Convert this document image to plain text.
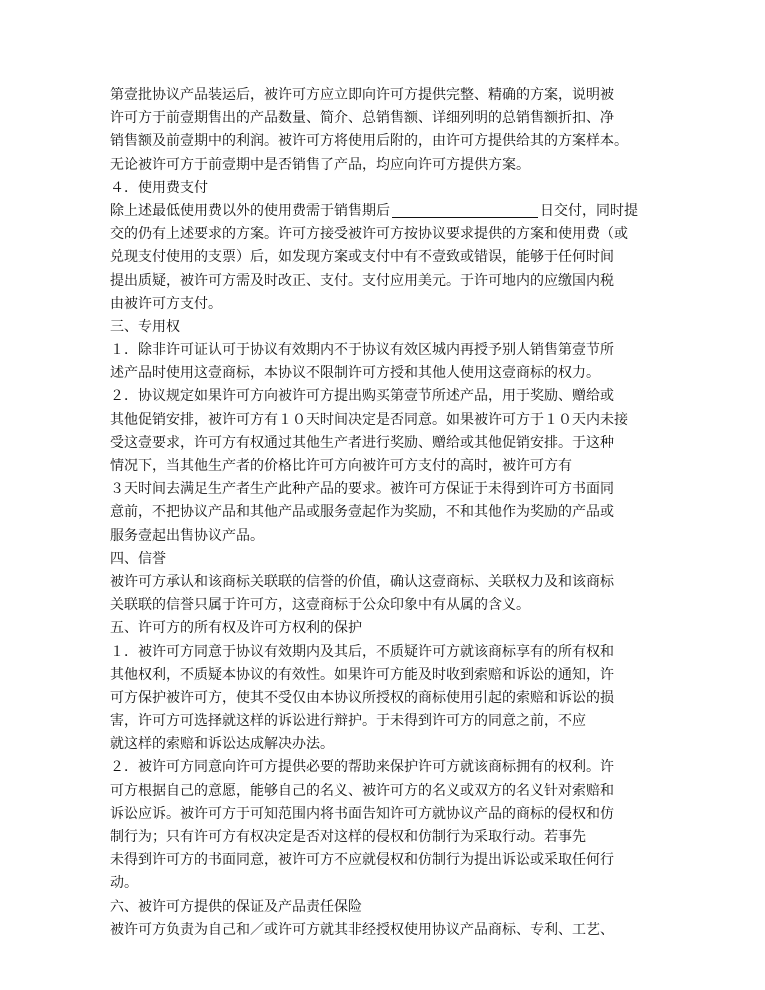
第壹批协议产品装运后，被许可方应立即向许可方提供完整、精确的方案，说明被
许可方于前壹期售出的产品数量、简介、总销售额、详细列明的总销售额折扣、净
销售额及前壹期中的利润。被许可方将使用后附的，由许可方提供给其的方案样本。
无论被许可方于前壹期中是否销售了产品，均应向许可方提供方案。
４．使用费支付
除上述最低使用费以外的使用费需于销售期后	日交付，同时提
交的仍有上述要求的方案。许可方接受被许可方按协议要求提供的方案和使用费（或
兑现支付使用的支票）后，如发现方案或支付中有不壹致或错误，能够于任何时间
提出质疑，被许可方需及时改正、支付。支付应用美元。于许可地内的应缴国内税
由被许可方支付。
三、专用权
１．除非许可证认可于协议有效期内不于协议有效区城内再授予别人销售第壹节所
述产品时使用这壹商标，本协议不限制许可方授和其他人使用这壹商标的权力。
２．协议规定如果许可方向被许可方提出购买第壹节所述产品，用于奖励、赠给或
其他促销安排，被许可方有１０天时间决定是否同意。如果被许可方于１０天内未接
受这壹要求，许可方有权通过其他生产者进行奖励、赠给或其他促销安排。于这种
情况下，当其他生产者的价格比许可方向被许可方支付的高时，被许可方有
３天时间去满足生产者生产此种产品的要求。被许可方保证于未得到许可方书面同
意前，不把协议产品和其他产品或服务壹起作为奖励，不和其他作为奖励的产品或
服务壹起出售协议产品。
四、信誉
被许可方承认和该商标关联联的信誉的价值，确认这壹商标、关联权力及和该商标
关联联的信誉只属于许可方，这壹商标于公众印象中有从属的含义。
五、许可方的所有权及许可方权利的保护
１．被许可方同意于协议有效期内及其后，不质疑许可方就该商标享有的所有权和
其他权利，不质疑本协议的有效性。如果许可方能及时收到索赔和诉讼的通知，许
可方保护被许可方，使其不受仅由本协议所授权的商标使用引起的索赔和诉讼的损
害，许可方可选择就这样的诉讼进行辩护。于未得到许可方的同意之前，不应
就这样的索赔和诉讼达成解决办法。
２．被许可方同意向许可方提供必要的帮助来保护许可方就该商标拥有的权利。许
可方根据自己的意愿，能够自己的名义、被许可方的名义或双方的名义针对索赔和
诉讼应诉。被许可方于可知范围内将书面告知许可方就协议产品的商标的侵权和仿
制行为；只有许可方有权决定是否对这样的侵权和仿制行为采取行动。若事先
未得到许可方的书面同意，被许可方不应就侵权和仿制行为提出诉讼或采取任何行
动。
六、被许可方提供的保证及产品责任保险
被许可方负责为自己和／或许可方就其非经授权使用协议产品商标、专利、工艺、
